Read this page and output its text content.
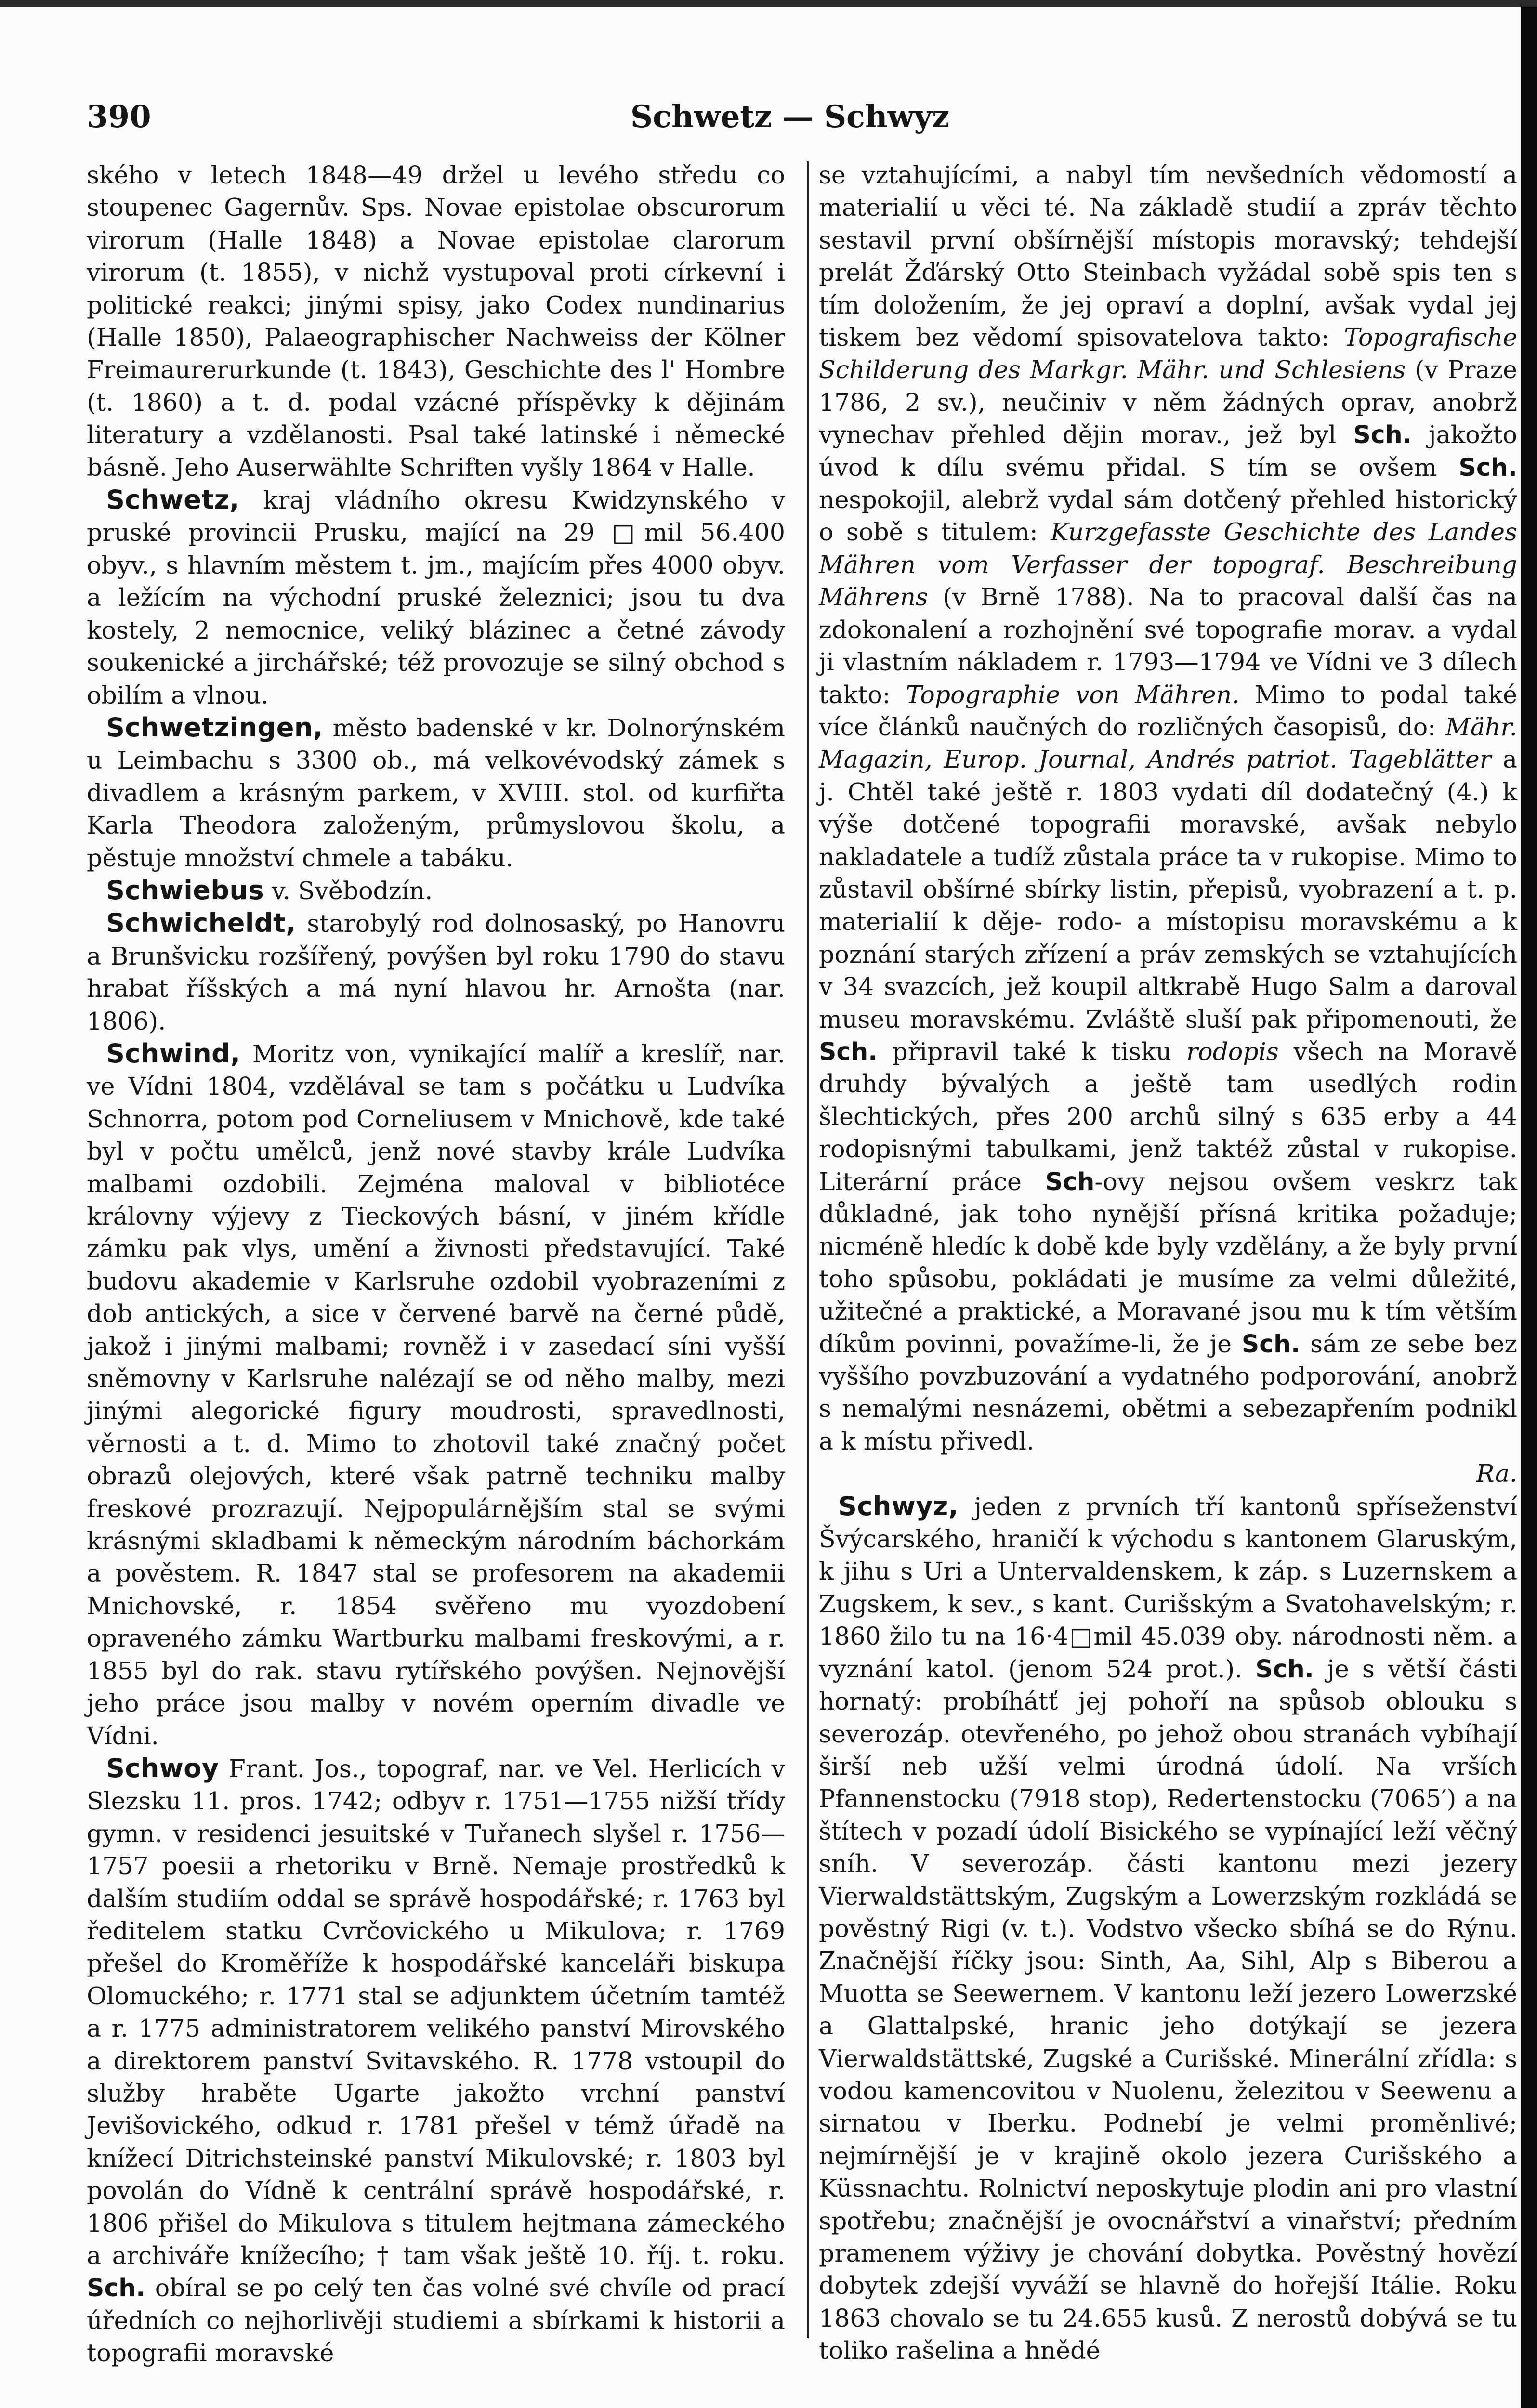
390	Schwetz — Schwyz

ského v letech 1848—49 držel u levého středu co stoupenec Gagernův. Sps. Novae epistolae obscurorum virorum (Halle 1848) a Novae epistolae clarorum virorum (t. 1855), v nichž vystupoval proti církevní i politické reakci; jinými spisy, jako Codex nundinarius (Halle 1850), Palaeographischer Nachweiss der Kölner Freimaurerurkunde (t. 1843), Geschichte des l' Hombre (t. 1860) a t. d. podal vzácné příspěvky k dějinám literatury a vzdělanosti. Psal také latinské i německé básně. Jeho Auserwählte Schriften vyšly 1864 v Halle.

Schwetz, kraj vládního okresu Kwidzynského v pruské provincii Prusku, mající na 29 □mil 56.400 obyv., s hlavním městem t. jm., majícím přes 4000 obyv. a ležícím na východní pruské železnici; jsou tu dva kostely, 2 nemocnice, veliký blázinec a četné závody soukenické a jirchářské; též provozuje se silný obchod s obilím a vlnou.

Schwetzingen, město badenské v kr. Dolnorýnském u Leimbachu s 3300 ob., má velkovévodský zámek s divadlem a krásným parkem, v XVIII. stol. od kurfiřta Karla Theodora založeným, průmyslovou školu, a pěstuje množství chmele a tabáku.

Schwiebus v. Svěbodzín.

Schwicheldt, starobylý rod dolnosaský, po Hanovru a Brunšvicku rozšířený, povýšen byl roku 1790 do stavu hrabat říšských a má nyní hlavou hr. Arnošta (nar. 1806).

Schwind, Moritz von, vynikající malíř a kreslíř, nar. ve Vídni 1804, vzdělával se tam s počátku u Ludvíka Schnorra, potom pod Corneliusem v Mnichově, kde také byl v počtu umělců, jenž nové stavby krále Ludvíka malbami ozdobili. Zejména maloval v bibliotéce královny výjevy z Tieckových básní, v jiném křídle zámku pak vlys, umění a živnosti představující. Také budovu akademie v Karlsruhe ozdobil vyobrazeními z dob antických, a sice v červené barvě na černé půdě, jakož i jinými malbami; rovněž i v zasedací síni vyšší sněmovny v Karlsruhe nalézají se od něho malby, mezi jinými alegorické figury moudrosti, spravedlnosti, věrnosti a t. d. Mimo to zhotovil také značný počet obrazů olejových, které však patrně techniku malby freskové prozrazují. Nejpopulárnějším stal se svými krásnými skladbami k německým národním báchorkám a pověstem. R. 1847 stal se profesorem na akademii Mnichovské, r. 1854 svěřeno mu vyozdobení opraveného zámku Wartburku malbami freskovými, a r. 1855 byl do rak. stavu rytířského povýšen. Nejnovější jeho práce jsou malby v novém operním divadle ve Vídni.

Schwoy Frant. Jos., topograf, nar. ve Vel. Herlicích v Slezsku 11. pros. 1742; odbyv r. 1751—1755 nižší třídy gymn. v residenci jesuitské v Tuřanech slyšel r. 1756—1757 poesii a rhetoriku v Brně. Nemaje prostředků k dalším studiím oddal se správě hospodářské; r. 1763 byl ředitelem statku Cvrčovického u Mikulova; r. 1769 přešel do Kroměříže k hospodářské kanceláři biskupa Olomuckého; r. 1771 stal se adjunktem účetním tamtéž a r. 1775 administratorem velikého panství Mirovského a direktorem panství Svitavského. R. 1778 vstoupil do služby hraběte Ugarte jakožto vrchní panství Jevišovického, odkud r. 1781 přešel v témž úřadě na knížecí Ditrichsteinské panství Mikulovské; r. 1803 byl povolán do Vídně k centrální správě hospodářské, r. 1806 přišel do Mikulova s titulem hejtmana zámeckého a archiváře knížecího; † tam však ještě 10. říj. t. roku. Sch. obíral se po celý ten čas volné své chvíle od prací úředních co nejhorlivěji studiemi a sbírkami k historii a topografii moravské

se vztahujícími, a nabyl tím nevšedních vědomostí a materialií u věci té. Na základě studií a zpráv těchto sestavil první obšírnější místopis moravský; tehdejší prelát Žďárský Otto Steinbach vyžádal sobě spis ten s tím doložením, že jej opraví a doplní, avšak vydal jej tiskem bez vědomí spisovatelova takto: Topografische Schilderung des Markgr. Mähr. und Schlesiens (v Praze 1786, 2 sv.), neučiniv v něm žádných oprav, anobrž vynechav přehled dějin morav., jež byl Sch. jakožto úvod k dílu svému přidal. S tím se ovšem Sch. nespokojil, alebrž vydal sám dotčený přehled historický o sobě s titulem: Kurzgefasste Geschichte des Landes Mähren vom Verfasser der topograf. Beschreibung Mährens (v Brně 1788). Na to pracoval další čas na zdokonalení a rozhojnění své topografie morav. a vydal ji vlastním nákladem r. 1793—1794 ve Vídni ve 3 dílech takto: Topographie von Mähren. Mimo to podal také více článků naučných do rozličných časopisů, do: Mähr. Magazin, Europ. Journal, Andrés patriot. Tageblätter a j. Chtěl také ještě r. 1803 vydati díl dodatečný (4.) k výše dotčené topografii moravské, avšak nebylo nakladatele a tudíž zůstala práce ta v rukopise. Mimo to zůstavil obšírné sbírky listin, přepisů, vyobrazení a t. p. materialií k děje- rodo- a místopisu moravskému a k poznání starých zřízení a práv zemských se vztahujících v 34 svazcích, jež koupil altkrabě Hugo Salm a daroval museu moravskému. Zvláště sluší pak připomenouti, že Sch. připravil také k tisku rodopis všech na Moravě druhdy bývalých a ještě tam usedlých rodin šlechtických, přes 200 archů silný s 635 erby a 44 rodopisnými tabulkami, jenž taktéž zůstal v rukopise. Literární práce Sch-ovy nejsou ovšem veskrz tak důkladné, jak toho nynější přísná kritika požaduje; nicméně hledíc k době kde byly vzdělány, a že byly první toho spůsobu, pokládati je musíme za velmi důležité, užitečné a praktické, a Moravané jsou mu k tím větším díkům povinni, považíme-li, že je Sch. sám ze sebe bez vyššího povzbuzování a vydatného podporování, anobrž s nemalými nesnázemi, obětmi a sebezapřením podnikl a k místu přivedl.
Ra.

Schwyz, jeden z prvních tří kantonů spříseženství Švýcarského, hraničí k východu s kantonem Glaruským, k jihu s Uri a Untervaldenskem, k záp. s Luzernskem a Zugskem, k sev., s kant. Curišským a Svatohavelským; r. 1860 žilo tu na 16·4□mil 45.039 oby. národnosti něm. a vyznání katol. (jenom 524 prot.). Sch. je s větší části hornatý: probíhátť jej pohoří na spůsob oblouku s severozáp. otevřeného, po jehož obou stranách vybíhají širší neb užší velmi úrodná údolí. Na vrších Pfannenstocku (7918 stop), Redertenstocku (7065′) a na štítech v pozadí údolí Bisického se vypínající leží věčný sníh. V severozáp. části kantonu mezi jezery Vierwaldstättským, Zugským a Lowerzským rozkládá se pověstný Rigi (v. t.). Vodstvo všecko sbíhá se do Rýnu. Značnější říčky jsou: Sinth, Aa, Sihl, Alp s Biberou a Muotta se Seewernem. V kantonu leží jezero Lowerzské a Glattalpské, hranic jeho dotýkají se jezera Vierwaldstättské, Zugské a Curišské. Minerální zřídla: s vodou kamencovitou v Nuolenu, železitou v Seewenu a sirnatou v Iberku. Podnebí je velmi proměnlivé; nejmírnější je v krajině okolo jezera Curišského a Küssnachtu. Rolnictví neposkytuje plodin ani pro vlastní spotřebu; značnější je ovocnářství a vinařství; předním pramenem výživy je chování dobytka. Pověstný hovězí dobytek zdejší vyváží se hlavně do hořejší Itálie. Roku 1863 chovalo se tu 24.655 kusů. Z nerostů dobývá se tu toliko rašelina a hnědé
